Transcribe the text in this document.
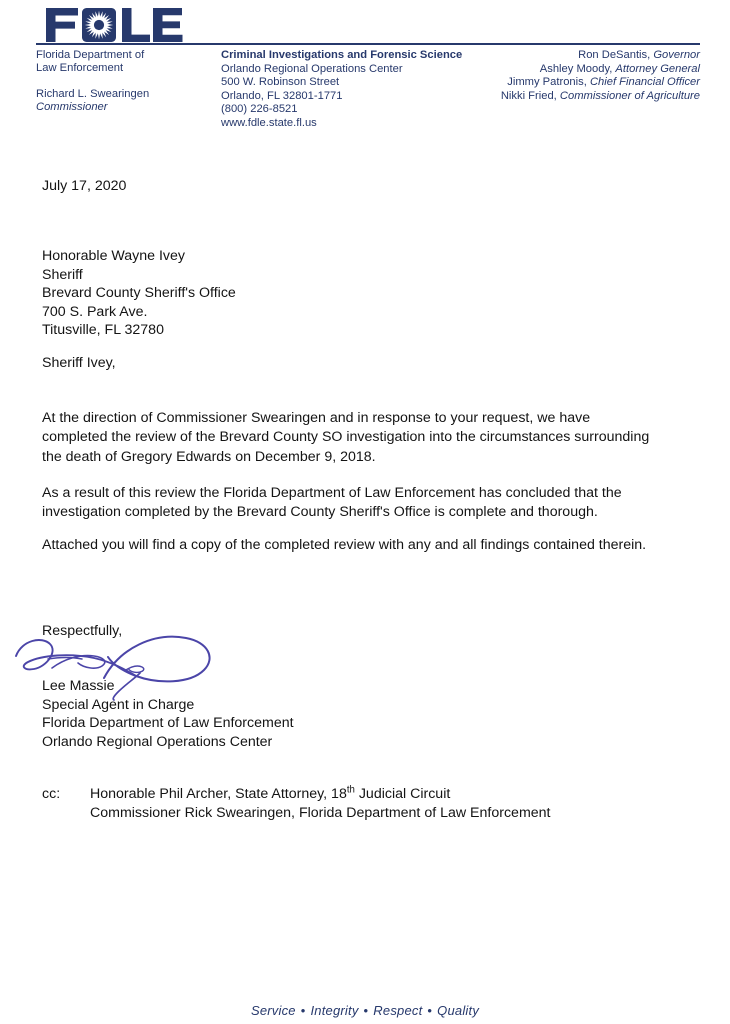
Florida Department of
Law Enforcement
Richard L. Swearingen
Commissioner
Criminal Investigations and Forensic Science
Orlando Regional Operations Center
500 W. Robinson Street
Orlando, FL 32801-1771
(800) 226-8521
www.fdle.state.fl.us
Ron DeSantis, Governor
Ashley Moody, Attorney General
Jimmy Patronis, Chief Financial Officer
Nikki Fried, Commissioner of Agriculture
July 17, 2020
Honorable Wayne Ivey
Sheriff
Brevard County Sheriff's Office
700 S. Park Ave.
Titusville, FL 32780
Sheriff Ivey,
At the direction of Commissioner Swearingen and in response to your request, we have completed the review of the Brevard County SO investigation into the circumstances surrounding the death of Gregory Edwards on December 9, 2018.
As a result of this review the Florida Department of Law Enforcement has concluded that the investigation completed by the Brevard County Sheriff's Office is complete and thorough.
Attached you will find a copy of the completed review with any and all findings contained therein.
Respectfully,
Lee Massie
Special Agent in Charge
Florida Department of Law Enforcement
Orlando Regional Operations Center
cc:	Honorable Phil Archer, State Attorney, 18th Judicial Circuit
Commissioner Rick Swearingen, Florida Department of Law Enforcement
Service • Integrity • Respect • Quality
